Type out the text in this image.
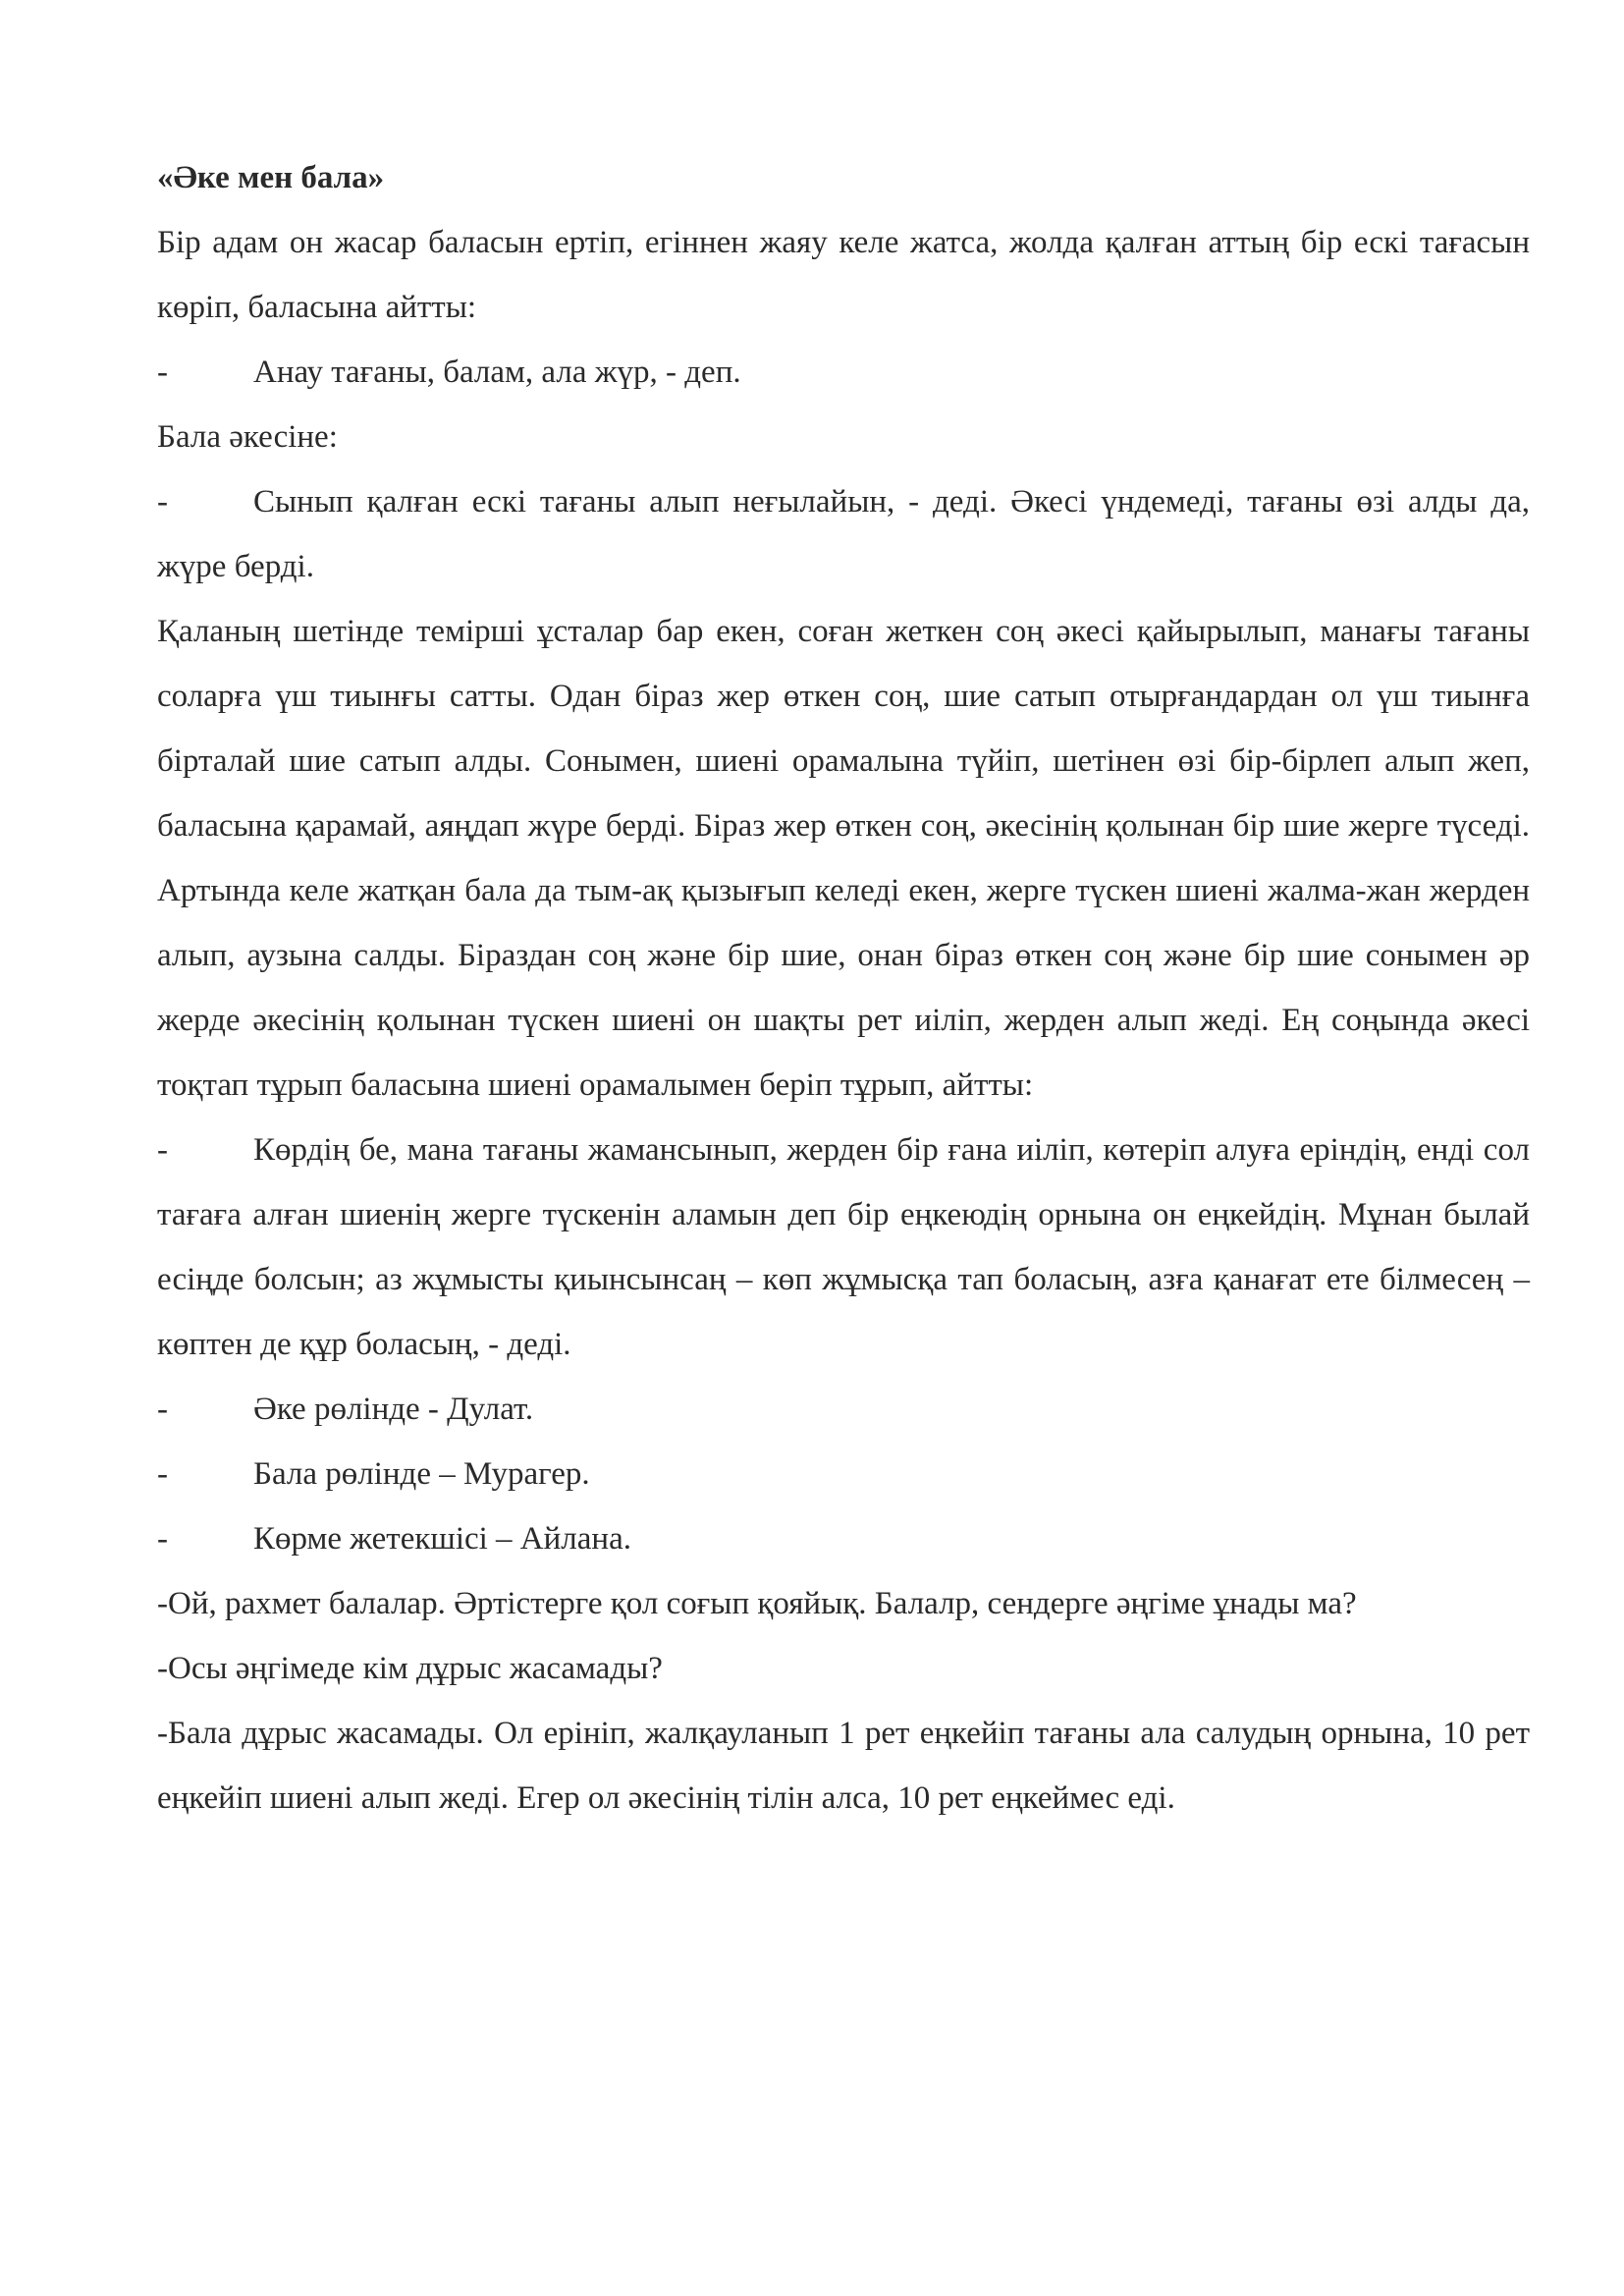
«Әке мен бала»

Бір адам он жасар баласын ертіп, егіннен жаяу келе жатса, жолда қалған аттың бір ескі тағасын көріп, баласына айтты:

-	Анау тағаны, балам, ала жүр, - деп.

Бала әкесіне:

-	Сынып қалған ескі тағаны алып неғылайын, - деді. Әкесі үндемеді, тағаны өзі алды да, жүре берді.

Қаланың шетінде темірші ұсталар бар екен, соған жеткен соң әкесі қайырылып, манағы тағаны соларға үш тиынғы сатты. Одан біраз жер өткен соң, шие сатып отырғандардан ол үш тиынға бірталай шие сатып алды. Сонымен, шиені орамалына түйіп, шетінен өзі бір-бірлеп алып жеп, баласына қарамай, аяңдап жүре берді. Біраз жер өткен соң, әкесінің қолынан бір шие жерге түседі. Артында келе жатқан бала да тым-ақ қызығып келеді екен, жерге түскен шиені жалма-жан жерден алып, аузына салды. Біраздан соң және бір шие, онан біраз өткен соң және бір шие сонымен әр жерде әкесінің қолынан түскен шиені он шақты рет иіліп, жерден алып жеді. Ең соңында әкесі тоқтап тұрып баласына шиені орамалымен беріп тұрып, айтты:

-	Көрдің бе, мана тағаны жамансынып, жерден бір ғана иіліп, көтеріп алуға еріндің, енді сол тағаға алған шиенің жерге түскенін аламын деп бір еңкеюдің орнына он еңкейдің. Мұнан былай есіңде болсын; аз жұмысты қиынсынсаң – көп жұмысқа тап боласың, азға қанағат ете білмесең – көптен де құр боласың, - деді.

-	Әке рөлінде - Дулат.

-	Бала рөлінде – Мурагер.

-	Көрме жетекшісі – Айлана.

-Ой, рахмет балалар. Әртістерге қол соғып қояйық. Балалр, сендерге әңгіме ұнады ма?

-Осы әңгімеде кім дұрыс жасамады?

-Бала дұрыс жасамады. Ол ерініп, жалқауланып 1 рет еңкейіп тағаны ала салудың орнына, 10 рет еңкейіп шиені алып жеді. Егер ол әкесінің тілін алса, 10 рет еңкеймес еді.
